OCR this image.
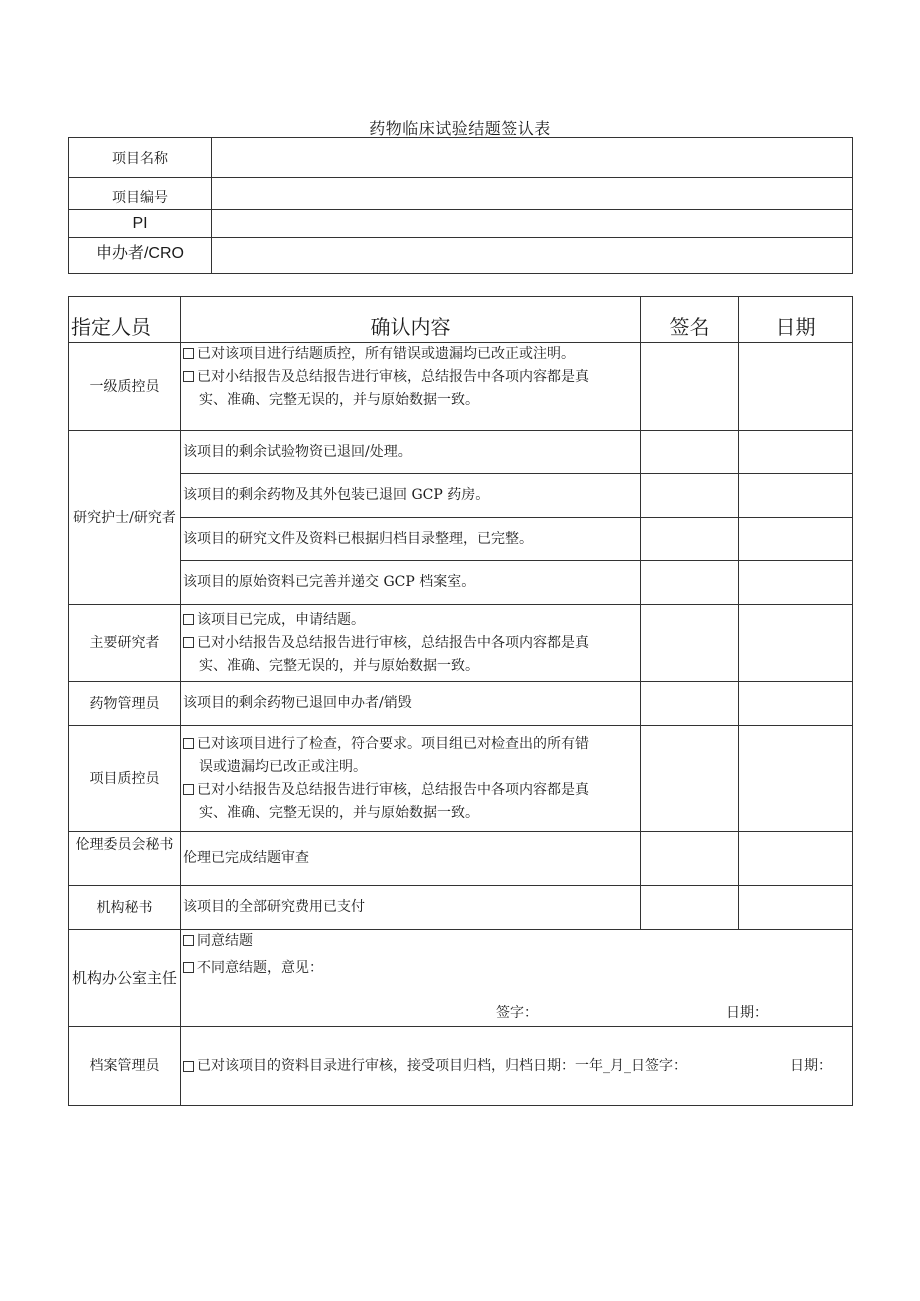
药物临床试验结题签认表
项目名称	
项目编号	
PI	
申办者/CRO	
指定人员	确认内容	签名	日期
一级质控员	已对该项目进行结题质控，所有错误或遗漏均已改正或注明。
已对小结报告及总结报告进行审核，总结报告中各项内容都是真
实、准确、完整无误的，并与原始数据一致。		

研究护士/研究者	该项目的剩余试验物资已退回/处理。		
	该项目的剩余药物及其外包装已退回 GCP 药房。		
	该项目的研究文件及资料已根据归档目录整理，已完整。		
	该项目的原始资料已完善并递交 GCP 档案室。		
主要研究者	该项目已完成，申请结题。
已对小结报告及总结报告进行审核，总结报告中各项内容都是真
实、准确、完整无误的，并与原始数据一致。		

药物管理员	该项目的剩余药物已退回申办者/销毁		
项目质控员	已对该项目进行了检查，符合要求。项目组已对检查出的所有错
误或遗漏均已改正或注明。
已对小结报告及总结报告进行审核，总结报告中各项内容都是真
实、准确、完整无误的，并与原始数据一致。		

伦理委员会秘书	伦理已完成结题审查		
机构秘书	该项目的全部研究费用已支付		
机构办公室主任	同意结题
不同意结题，意见：
签字： 日期：		

档案管理员	已对该项目的资料目录进行审核，接受项目归档，归档日期：一年_月_日签字： 日期：		
